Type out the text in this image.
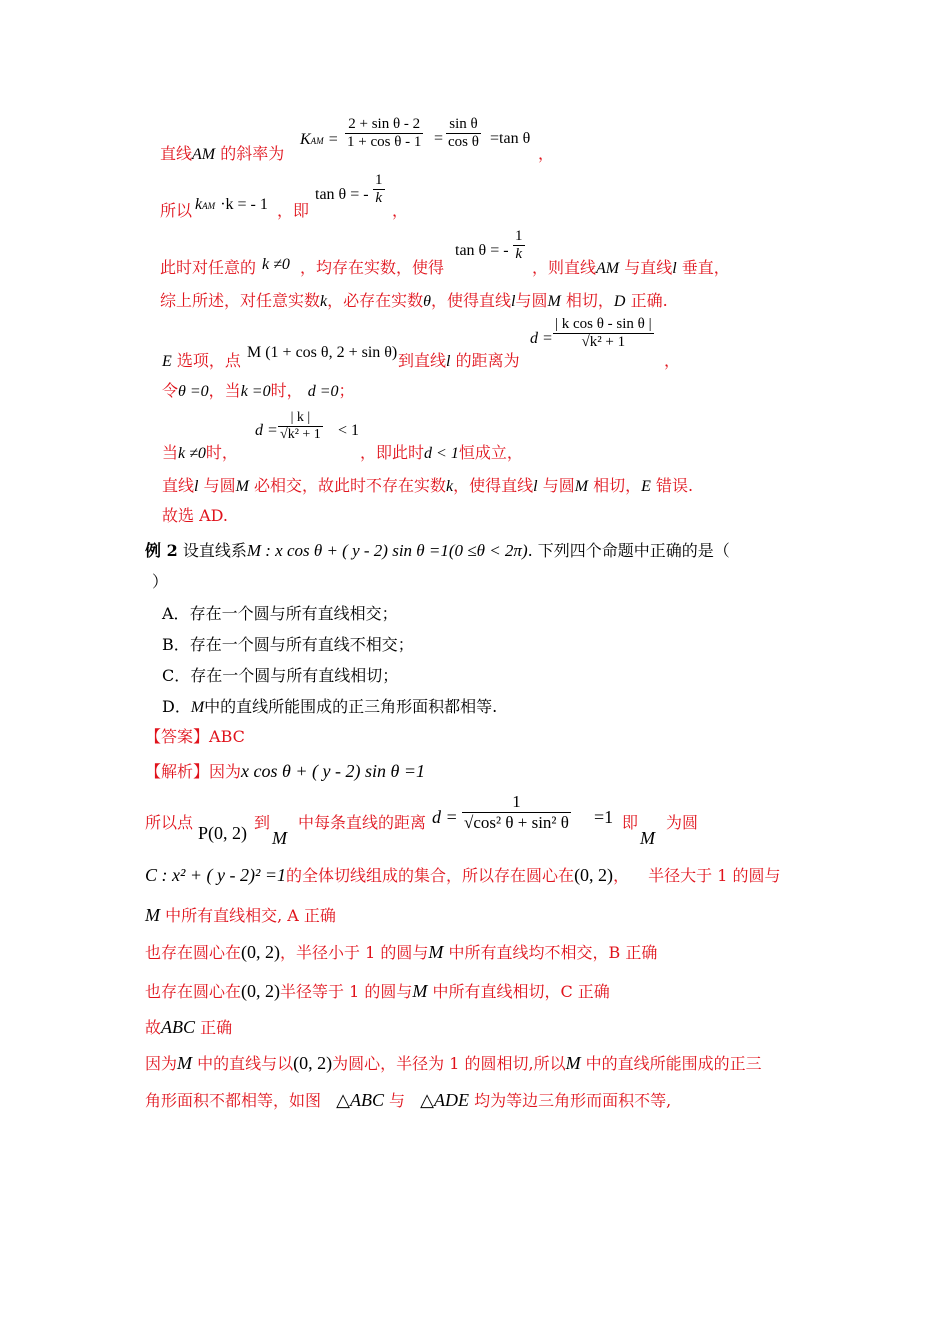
直线AM 的斜率为
KAM = $\frac{\text{2 + sin θ - 2}}{\text{1 + cos θ - 1}} = \frac{\text{sin θ}}{\text{cos θ}} =\tan$ θ
，
所以 kAM ·k = - 1 ，即
tan θ = - $\frac{1}{k}$
，
此时对任意的 k ≠0 ，均存在实数，使得
tan θ = - $\frac{1}{k}$
，则直线AM 与直线l 垂直，
综上所述，对任意实数k，必存在实数θ，使得直线l与圆M 相切，D 正确.
E 选项，点 M (1 + cos θ, 2 + sin θ) 到直线l 的距离为
$d = \frac{\text{| k cos θ - sin θ |}}{\text{√k² + 1}}$
，
令θ =0，当k =0时， d =0；
当k ≠0时，
$d = \frac{| k |}{\text{√k² + 1}} < 1$
，即此时d < 1恒成立，
直线l 与圆M 必相交，故此时不存在实数k，使得直线l 与圆M 相切，E 错误.
故选 AD.
例 2 设直线系M : x cos θ + ( y - 2) sin θ =1(0 ≤θ < 2π). 下列四个命题中正确的是（
）
A．存在一个圆与所有直线相交；
B．存在一个圆与所有直线不相交；
C．存在一个圆与所有直线相切；
D．M中的直线所能围成的正三角形面积都相等.
【答案】ABC
【解析】因为x cos θ + ( y - 2) sin θ =1
所以点
P(0, 2)
到
M
中每条直线的距离 $d = \frac{1}{\text{√cos² θ + sin² θ}} =1$ 即
M
为圆
C : x² + ( y - 2)² =1的全体切线组成的集合，所以存在圆心在(0, 2)， 半径大于 1 的圆与
M 中所有直线相交, A 正确
也存在圆心在(0, 2)，半径小于 1 的圆与M 中所有直线均不相交，B 正确
也存在圆心在(0, 2)半径等于 1 的圆与M 中所有直线相切，C 正确
故ABC 正确
因为M 中的直线与以(0, 2)为圆心，半径为 1 的圆相切,所以M 中的直线所能围成的正三
角形面积不都相等，如图 △ABC 与 △ADE 均为等边三角形而面积不等,
